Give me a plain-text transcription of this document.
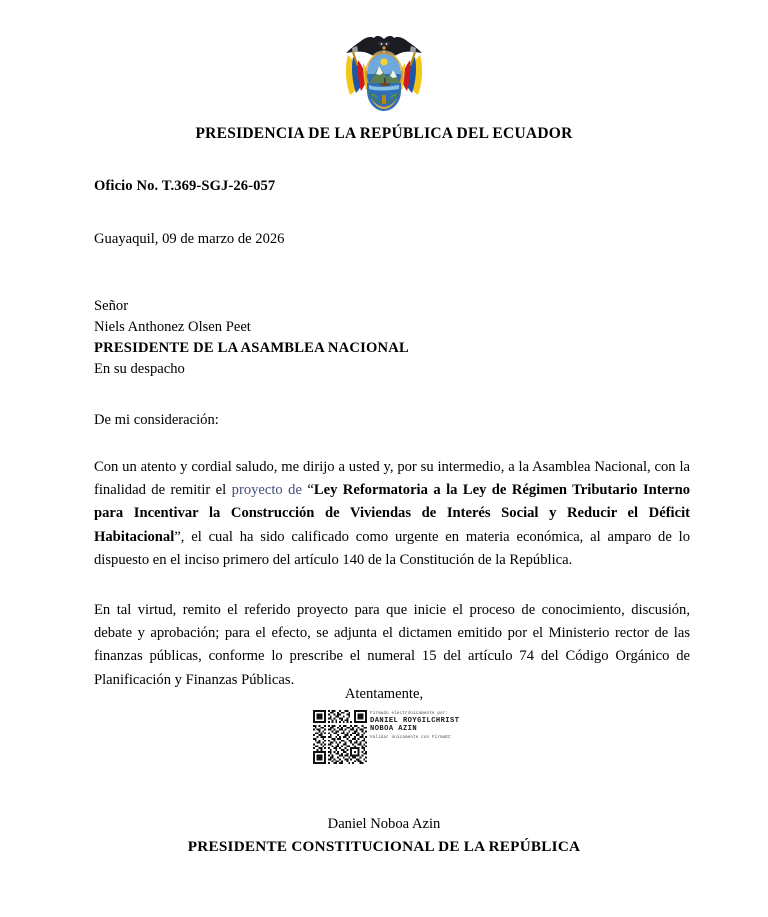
PRESIDENCIA DE LA REPÚBLICA DEL ECUADOR

Oficio No. T.369-SGJ-26-057

Guayaquil, 09 de marzo de 2026

Señor
Niels Anthonez Olsen Peet
PRESIDENTE DE LA ASAMBLEA NACIONAL
En su despacho
De mi consideración:

Con un atento y cordial saludo, me dirijo a usted y, por su intermedio, a la Asamblea Nacional, con la finalidad de remitir el proyecto de “Ley Reformatoria a la Ley de Régimen Tributario Interno para Incentivar la Construcción de Viviendas de Interés Social y Reducir el Déficit Habitacional”, el cual ha sido calificado como urgente en materia económica, al amparo de lo dispuesto en el inciso primero del artículo 140 de la Constitución de la República.

En tal virtud, remito el referido proyecto para que inicie el proceso de conocimiento, discusión, debate y aprobación; para el efecto, se adjunta el dictamen emitido por el Ministerio rector de las finanzas públicas, conforme lo prescribe el numeral 15 del artículo 74 del Código Orgánico de Planificación y Finanzas Públicas.

Atentamente,
Firmado electrónicamente por:
DANIEL ROYGILCHRIST
NOBOA AZIN
Validar únicamente con FirmaEC
Daniel Noboa Azin
PRESIDENTE CONSTITUCIONAL DE LA REPÚBLICA
